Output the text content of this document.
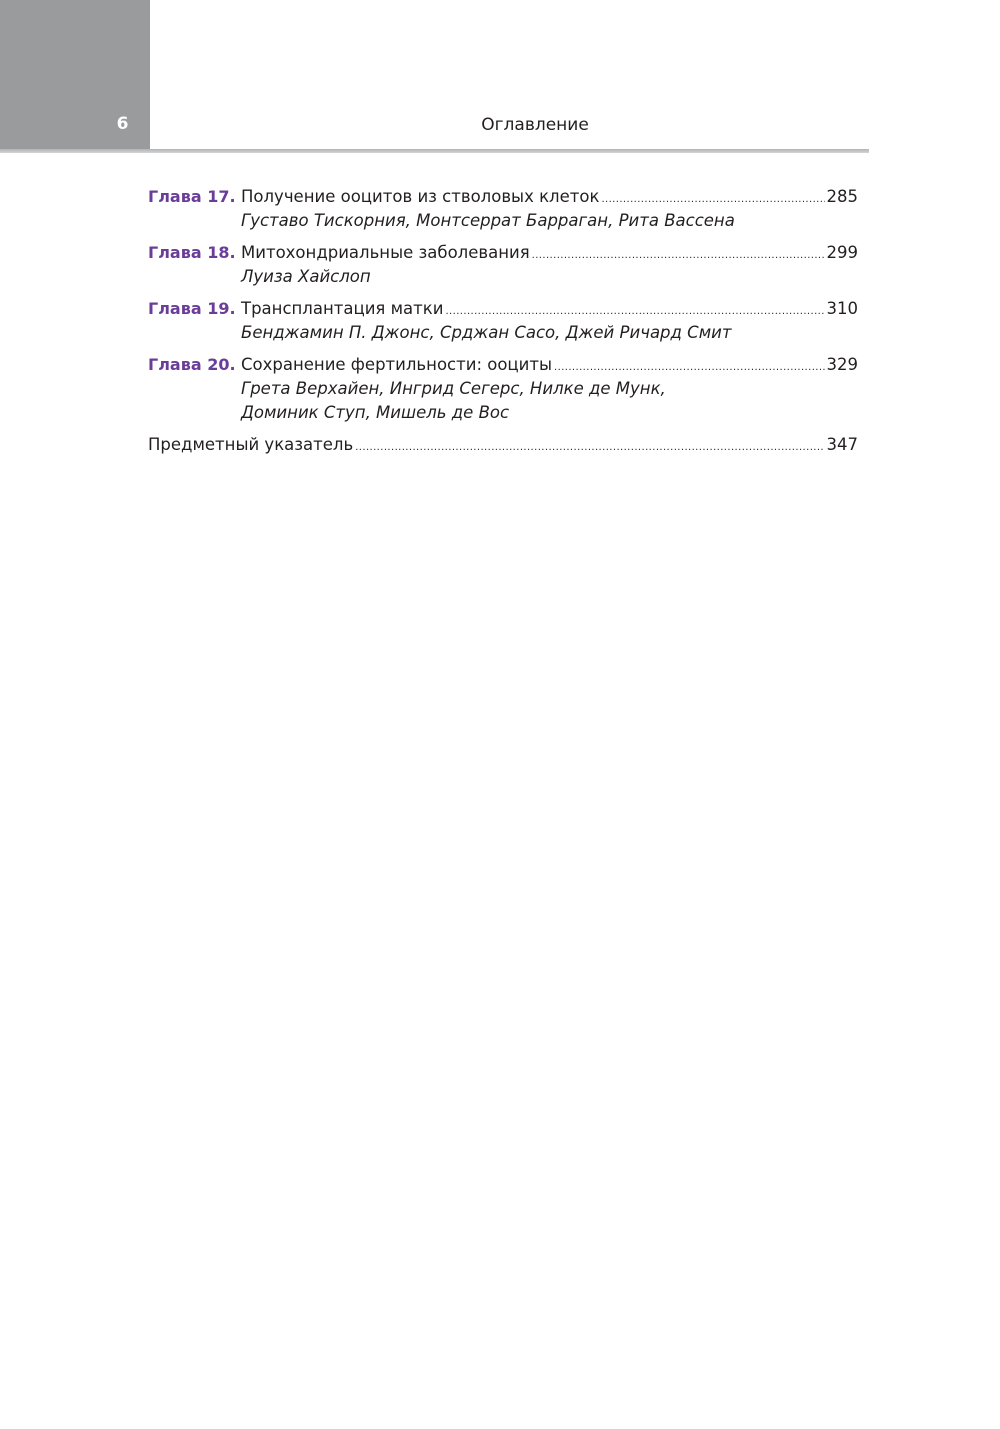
6	Оглавление
Глава 17. Получение ооцитов из стволовых клеток .....	285
Густаво Тискорния, Монтсеррат Барраган, Рита Вассена
Глава 18. Митохондриальные заболевания .....	299
Луиза Хайслоп
Глава 19. Трансплантация матки .....	310
Бенджамин П. Джонс, Срджан Сасо, Джей Ричард Смит
Глава 20. Сохранение фертильности: ооциты .....	329
Грета Верхайен, Ингрид Сегерс, Нилке де Мунк,
Доминик Ступ, Мишель де Вос
Предметный указатель .....	347
